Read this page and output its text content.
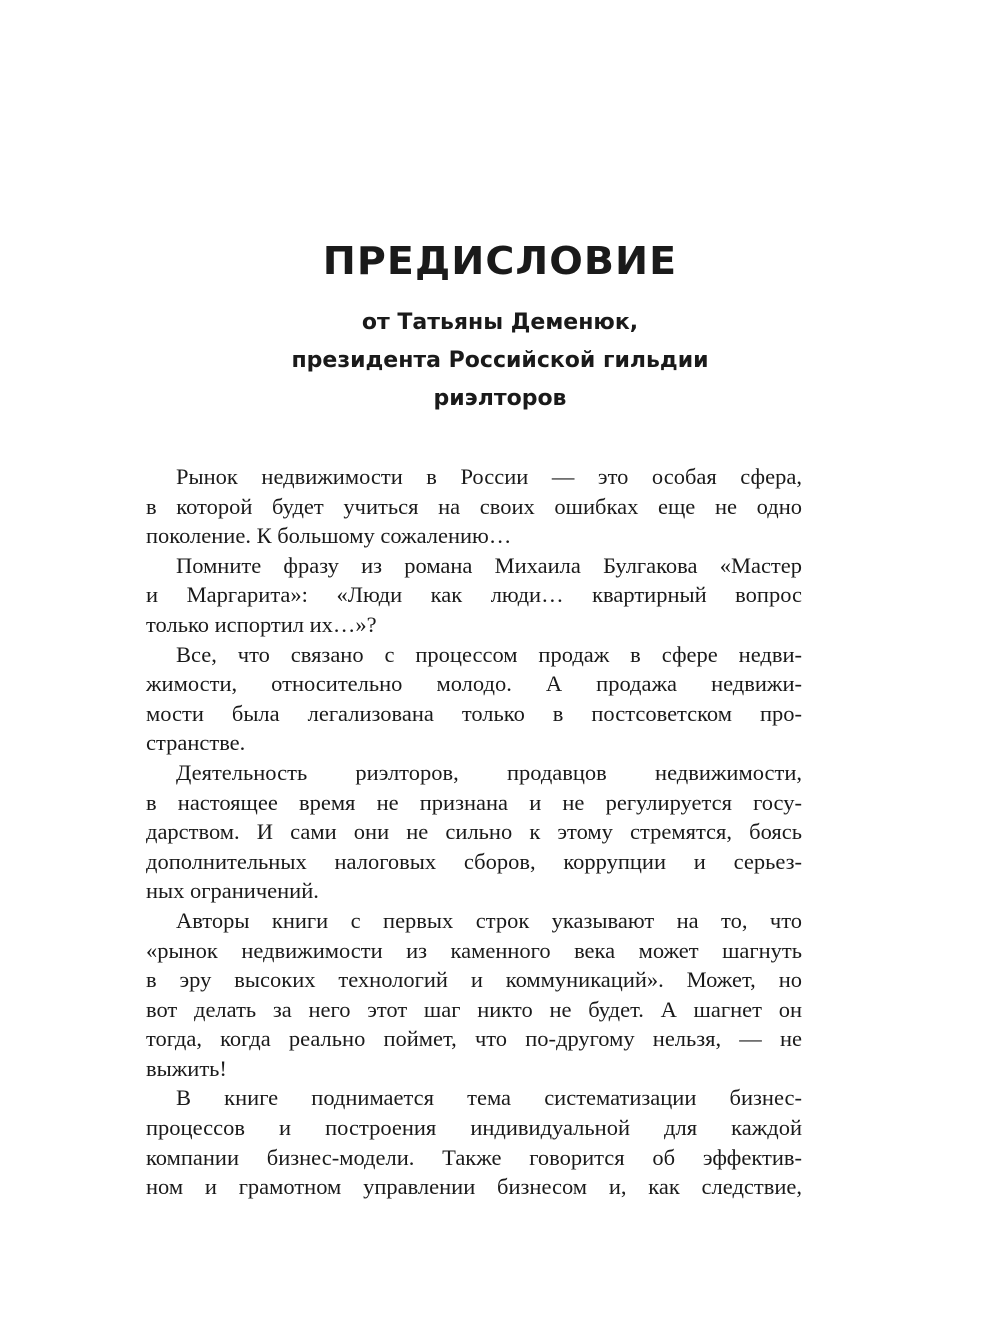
ПРЕДИСЛОВИЕ
от Татьяны Деменюк,
президента Российской гильдии
риэлторов
Рынок недвижимости в России — это особая сфера,
в которой будет учиться на своих ошибках еще не одно
поколение. К большому сожалению…
Помните фразу из романа Михаила Булгакова «Мастер
и Маргарита»: «Люди как люди… квартирный вопрос
только испортил их…»?
Все, что связано с процессом продаж в сфере недви-
жимости, относительно молодо. А продажа недвижи-
мости была легализована только в постсоветском про-
странстве.
Деятельность риэлторов, продавцов недвижимости,
в настоящее время не признана и не регулируется госу-
дарством. И сами они не сильно к этому стремятся, боясь
дополнительных налоговых сборов, коррупции и серьез-
ных ограничений.
Авторы книги с первых строк указывают на то, что
«рынок недвижимости из каменного века может шагнуть
в эру высоких технологий и коммуникаций». Может, но
вот делать за него этот шаг никто не будет. А шагнет он
тогда, когда реально поймет, что по-другому нельзя, — не
выжить!
В книге поднимается тема систематизации бизнес-
процессов и построения индивидуальной для каждой
компании бизнес-модели. Также говорится об эффектив-
ном и грамотном управлении бизнесом и, как следствие,
